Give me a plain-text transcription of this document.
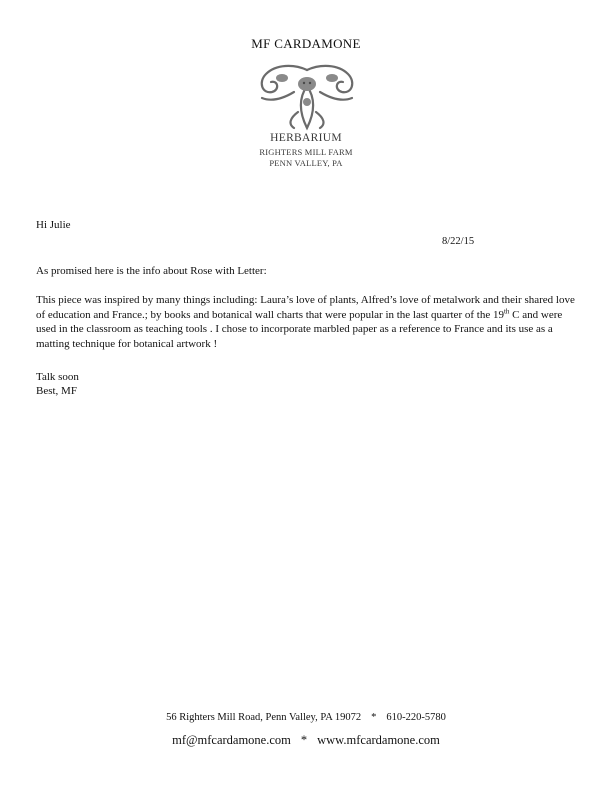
MF CARDAMONE
HERBARIUM
RIGHTERS MILL FARM
PENN VALLEY, PA
Hi Julie
8/22/15
As promised here is the info about Rose with Letter:
This piece was inspired by many things including: Laura’s love of plants, Alfred’s love of metalwork and their shared love of education and France.; by books and botanical wall charts that were popular in the last quarter of the 19th C and were used in the classroom as teaching tools . I chose to incorporate marbled paper as a reference to France and its use as a matting technique for botanical artwork !
Talk soon
Best, MF
56 Righters Mill Road, Penn Valley, PA 19072 * 610-220-5780
mf@mfcardamone.com * www.mfcardamone.com
